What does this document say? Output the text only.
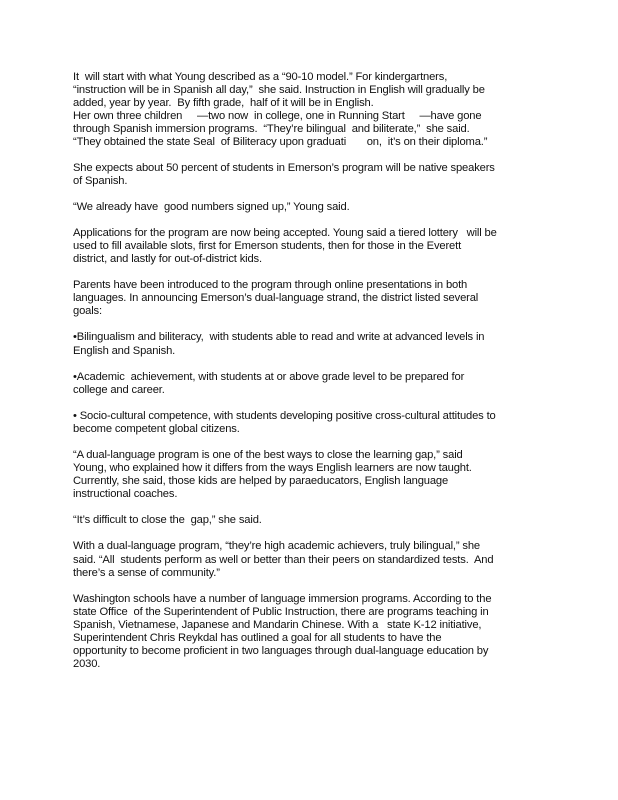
It  will start with what Young described as a “90-10 model.” For kindergartners,
“instruction will be in Spanish all day,”  she said. Instruction in English will gradually be
added, year by year.  By fifth grade,  half of it will be in English.
Her own three children     —two now  in college, one in Running Start     —have gone
through Spanish immersion programs.  “They’re bilingual  and biliterate,”  she said.
“They obtained the state Seal  of Biliteracy upon graduati       on,  it’s on their diploma.”
She expects about 50 percent of students in Emerson’s program will be native speakers
of Spanish.
“We already have  good numbers signed up,” Young said.
Applications for the program are now being accepted. Young said a tiered lottery   will be
used to fill available slots, first for Emerson students, then for those in the Everett
district, and lastly for out-of-district kids.
Parents have been introduced to the program through online presentations in both
languages. In announcing Emerson’s dual-language strand, the district listed several
goals:
•Bilingualism and biliteracy,  with students able to read and write at advanced levels in
English and Spanish.
•Academic  achievement, with students at or above grade level to be prepared for
college and career.
• Socio-cultural competence, with students developing positive cross-cultural attitudes to
become competent global citizens.
“A dual-language program is one of the best ways to close the learning gap,” said
Young, who explained how it differs from the ways English learners are now taught.
Currently, she said, those kids are helped by paraeducators, English language
instructional coaches.
“It’s difficult to close the  gap,” she said.
With a dual-language program, “they’re high academic achievers, truly bilingual,” she
said. “All  students perform as well or better than their peers on standardized tests.  And
there’s a sense of community.”
Washington schools have a number of language immersion programs. According to the
state Office  of the Superintendent of Public Instruction, there are programs teaching in
Spanish, Vietnamese, Japanese and Mandarin Chinese. With a   state K-12 initiative,
Superintendent Chris Reykdal has outlined a goal for all students to have the
opportunity to become proficient in two languages through dual-language education by
2030.
